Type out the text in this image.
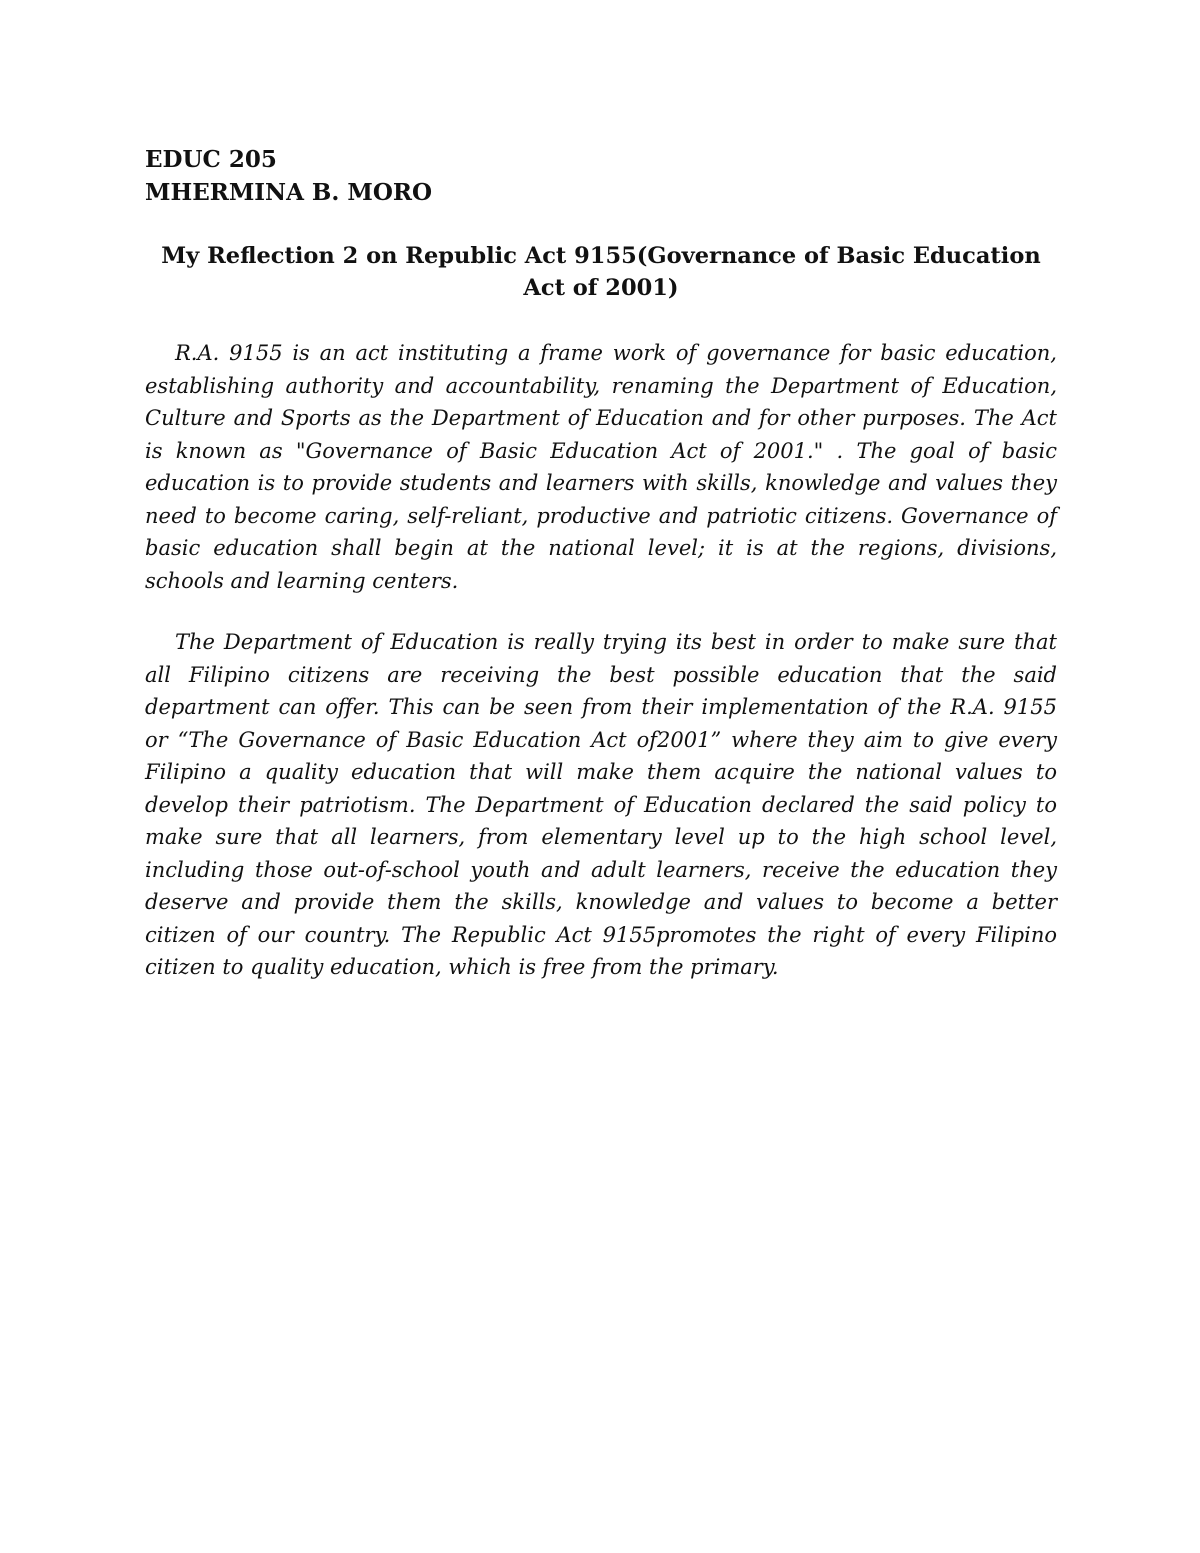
EDUC 205
MHERMINA B. MORO
My Reflection 2 on Republic Act 9155(Governance of Basic Education Act of 2001)

R.A. 9155 is an act instituting a frame work of governance for basic education, establishing authority and accountability, renaming the Department of Education, Culture and Sports as the Department of Education and for other purposes. The Act is known as "Governance of Basic Education Act of 2001." . The goal of basic education is to provide students and learners with skills, knowledge and values they need to become caring, self-reliant, productive and patriotic citizens. Governance of basic education shall begin at the national level; it is at the regions, divisions, schools and learning centers.

The Department of Education is really trying its best in order to make sure that all Filipino citizens are receiving the best possible education that the said department can offer. This can be seen from their implementation of the R.A. 9155 or “The Governance of Basic Education Act of2001” where they aim to give every Filipino a quality education that will make them acquire the national values to develop their patriotism. The Department of Education declared the said policy to make sure that all learners, from elementary level up to the high school level, including those out-of-school youth and adult learners, receive the education they deserve and provide them the skills, knowledge and values to become a better citizen of our country. The Republic Act 9155promotes the right of every Filipino citizen to quality education, which is free from the primary.
